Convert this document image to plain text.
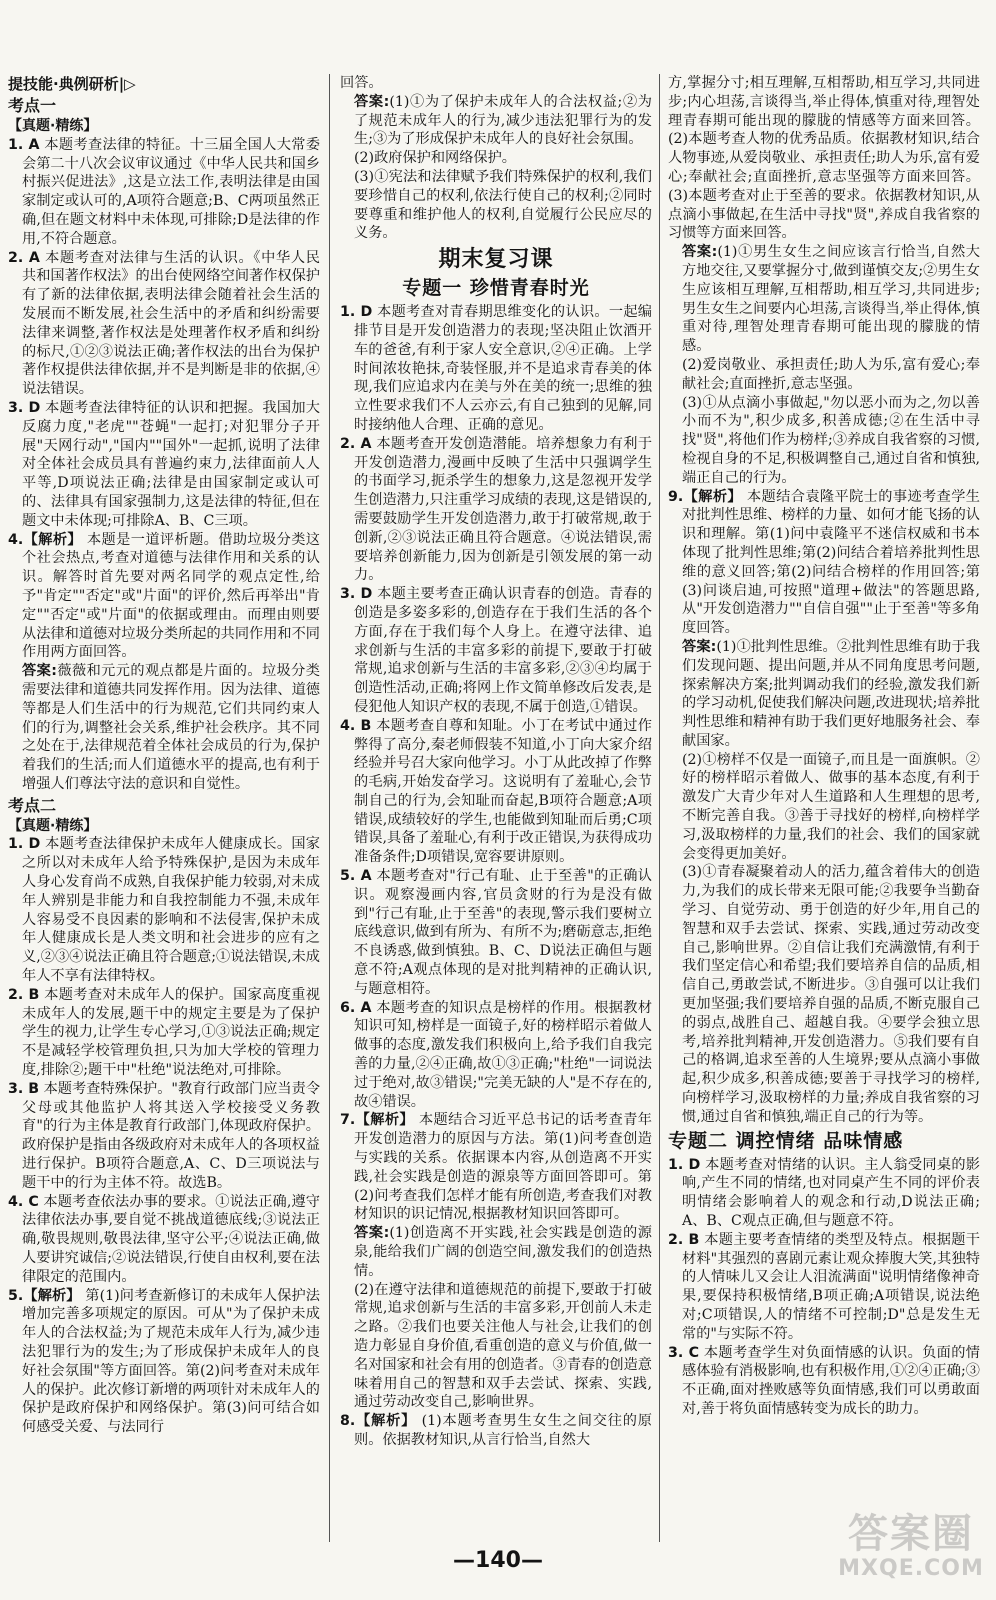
提技能·典例研析|▷

考点一

【真题·精练】

1. A 本题考查法律的特征。十三届全国人大常委会第二十八次会议审议通过《中华人民共和国乡村振兴促进法》,这是立法工作,表明法律是由国家制定或认可的,A项符合题意;B、C两项虽然正确,但在题文材料中未体现,可排除;D是法律的作用,不符合题意。

2. A 本题考查对法律与生活的认识。《中华人民共和国著作权法》的出台使网络空间著作权保护有了新的法律依据,表明法律会随着社会生活的发展而不断发展,社会生活中的矛盾和纠纷需要法律来调整,著作权法是处理著作权矛盾和纠纷的标尺,①②③说法正确;著作权法的出台为保护著作权提供法律依据,并不是判断是非的依据,④说法错误。

3. D 本题考查法律特征的认识和把握。我国加大反腐力度,"老虎""苍蝇"一起打;对犯罪分子开展"天网行动","国内""国外"一起抓,说明了法律对全体社会成员具有普遍约束力,法律面前人人平等,D项说法正确;法律是由国家制定或认可的、法律具有国家强制力,这是法律的特征,但在题文中未体现;可排除A、B、C三项。

4.【解析】 本题是一道评析题。借助垃圾分类这个社会热点,考查对道德与法律作用和关系的认识。解答时首先要对两名同学的观点定性,给予"肯定""否定"或"片面"的评价,然后再举出"肯定""否定"或"片面"的依据或理由。而理由则要从法律和道德对垃圾分类所起的共同作用和不同作用两方面回答。

答案:薇薇和元元的观点都是片面的。垃圾分类需要法律和道德共同发挥作用。因为法律、道德等都是人们生活中的行为规范,它们共同约束人们的行为,调整社会关系,维护社会秩序。其不同之处在于,法律规范着全体社会成员的行为,保护着我们的生活;而人们道德水平的提高,也有利于增强人们尊法守法的意识和自觉性。

考点二

【真题·精练】

1. D 本题考查法律保护未成年人健康成长。国家之所以对未成年人给予特殊保护,是因为未成年人身心发育尚不成熟,自我保护能力较弱,对未成年人辨别是非能力和自我控制能力不强,未成年人容易受不良因素的影响和不法侵害,保护未成年人健康成长是人类文明和社会进步的应有之义,②③④说法正确且符合题意;①说法错误,未成年人不享有法律特权。

2. B 本题考查对未成年人的保护。国家高度重视未成年人的发展,题干中的规定主要是为了保护学生的视力,让学生专心学习,①③说法正确;规定不是减轻学校管理负担,只为加大学校的管理力度,排除②;题干中"杜绝"说法绝对,可排除。

3. B 本题考查特殊保护。"教育行政部门应当责令父母或其他监护人将其送入学校接受义务教育"的行为主体是教育行政部门,体现政府保护。政府保护是指由各级政府对未成年人的各项权益进行保护。B项符合题意,A、C、D三项说法与题干中的行为主体不符。故选B。

4. C 本题考查依法办事的要求。①说法正确,遵守法律依法办事,要自觉不挑战道德底线;③说法正确,敬畏规则,敬畏法律,坚守公平;④说法正确,做人要讲究诚信;②说法错误,行使自由权利,要在法律限定的范围内。

5.【解析】 第(1)问考查新修订的未成年人保护法增加完善多项规定的原因。可从"为了保护未成年人的合法权益;为了规范未成年人行为,减少违法犯罪行为的发生;为了形成保护未成年人的良好社会氛围"等方面回答。第(2)问考查对未成年人的保护。此次修订新增的两项针对未成年人的保护是政府保护和网络保护。第(3)问可结合如何感受关爱、与法同行

回答。

答案:(1)①为了保护未成年人的合法权益;②为了规范未成年人的行为,减少违法犯罪行为的发生;③为了形成保护未成年人的良好社会氛围。

(2)政府保护和网络保护。

(3)①宪法和法律赋予我们特殊保护的权利,我们要珍惜自己的权利,依法行使自己的权利;②同时要尊重和维护他人的权利,自觉履行公民应尽的义务。

期末复习课

专题一 珍惜青春时光

1. D 本题考查对青春期思维变化的认识。一起编排节目是开发创造潜力的表现;坚决阻止饮酒开车的爸爸,有利于家人安全意识,②④正确。上学时间浓妆艳抹,奇装怪服,并不是追求青春美的体现,我们应追求内在美与外在美的统一;思维的独立性要求我们不人云亦云,有自己独到的见解,同时接纳他人合理、正确的意见。

2. A 本题考查开发创造潜能。培养想象力有利于开发创造潜力,漫画中反映了生活中只强调学生的书面学习,扼杀学生的想象力,这是忽视开发学生创造潜力,只注重学习成绩的表现,这是错误的,需要鼓励学生开发创造潜力,敢于打破常规,敢于创新,②③说法正确且符合题意。④说法错误,需要培养创新能力,因为创新是引领发展的第一动力。

3. D 本题主要考查正确认识青春的创造。青春的创造是多姿多彩的,创造存在于我们生活的各个方面,存在于我们每个人身上。在遵守法律、追求创新与生活的丰富多彩的前提下,要敢于打破常规,追求创新与生活的丰富多彩,②③④均属于创造性活动,正确;将网上作文简单修改后发表,是侵犯他人知识产权的表现,不属于创造,①错误。

4. B 本题考查自尊和知耻。小丁在考试中通过作弊得了高分,秦老师假装不知道,小丁向大家介绍经验并号召大家向他学习。小丁从此改掉了作弊的毛病,开始发奋学习。这说明有了羞耻心,会节制自己的行为,会知耻而奋起,B项符合题意;A项错误,成绩较好的学生,也能做到知耻而后勇;C项错误,具备了羞耻心,有利于改正错误,为获得成功准备条件;D项错误,宽容要讲原则。

5. A 本题考查对"行己有耻、止于至善"的正确认识。观察漫画内容,官员贪财的行为是没有做到"行己有耻,止于至善"的表现,警示我们要树立底线意识,做到有所为、有所不为;磨砺意志,拒绝不良诱惑,做到慎独。B、C、D说法正确但与题意不符;A观点体现的是对批判精神的正确认识,与题意相符。

6. A 本题考查的知识点是榜样的作用。根据教材知识可知,榜样是一面镜子,好的榜样昭示着做人做事的态度,激发我们积极向上,给予我们自我完善的力量,②④正确,故①③正确;"杜绝"一词说法过于绝对,故③错误;"完美无缺的人"是不存在的,故④错误。

7.【解析】 本题结合习近平总书记的话考查青年开发创造潜力的原因与方法。第(1)问考查创造与实践的关系。依据课本内容,从创造离不开实践,社会实践是创造的源泉等方面回答即可。第(2)问考查我们怎样才能有所创造,考查我们对教材知识的识记情况,根据教材知识回答即可。

答案:(1)创造离不开实践,社会实践是创造的源泉,能给我们广阔的创造空间,激发我们的创造热情。

(2)在遵守法律和道德规范的前提下,要敢于打破常规,追求创新与生活的丰富多彩,开创前人未走之路。②我们也要关注他人与社会,让我们的创造力彰显自身价值,看重创造的意义与价值,做一名对国家和社会有用的创造者。③青春的创造意味着用自己的智慧和双手去尝试、探索、实践,通过劳动改变自己,影响世界。

8.【解析】 (1)本题考查男生女生之间交往的原则。依据教材知识,从言行恰当,自然大

方,掌握分寸;相互理解,互相帮助,相互学习,共同进步;内心坦荡,言谈得当,举止得体,慎重对待,理智处理青春期可能出现的朦胧的情感等方面来回答。(2)本题考查人物的优秀品质。依据教材知识,结合人物事迹,从爱岗敬业、承担责任;助人为乐,富有爱心;奉献社会;直面挫折,意志坚强等方面来回答。(3)本题考查对止于至善的要求。依据教材知识,从点滴小事做起,在生活中寻找"贤",养成自我省察的习惯等方面来回答。

答案:(1)①男生女生之间应该言行恰当,自然大方地交往,又要掌握分寸,做到谨慎交友;②男生女生应该相互理解,互相帮助,相互学习,共同进步;男生女生之间要内心坦荡,言谈得当,举止得体,慎重对待,理智处理青春期可能出现的朦胧的情感。

(2)爱岗敬业、承担责任;助人为乐,富有爱心;奉献社会;直面挫折,意志坚强。

(3)①从点滴小事做起,"勿以恶小而为之,勿以善小而不为",积少成多,积善成德;②在生活中寻找"贤",将他们作为榜样;③养成自我省察的习惯,检视自身的不足,积极调整自己,通过自省和慎独,端正自己的行为。

9.【解析】 本题结合袁隆平院士的事迹考查学生对批判性思维、榜样的力量、如何才能飞扬的认识和理解。第(1)问中袁隆平不迷信权威和书本体现了批判性思维;第(2)问结合着培养批判性思维的意义回答;第(2)问结合榜样的作用回答;第(3)问谈启迪,可按照"道理+做法"的答题思路,从"开发创造潜力""自信自强""止于至善"等多角度回答。

答案:(1)①批判性思维。②批判性思维有助于我们发现问题、提出问题,并从不同角度思考问题,探索解决方案;批判调动我们的经验,激发我们新的学习动机,促使我们解决问题,改进现状;培养批判性思维和精神有助于我们更好地服务社会、奉献国家。

(2)①榜样不仅是一面镜子,而且是一面旗帜。②好的榜样昭示着做人、做事的基本态度,有利于激发广大青少年对人生道路和人生理想的思考,不断完善自我。③善于寻找好的榜样,向榜样学习,汲取榜样的力量,我们的社会、我们的国家就会变得更加美好。

(3)①青春凝聚着动人的活力,蕴含着伟大的创造力,为我们的成长带来无限可能;②我要争当勤奋学习、自觉劳动、勇于创造的好少年,用自己的智慧和双手去尝试、探索、实践,通过劳动改变自己,影响世界。②自信让我们充满激情,有利于我们坚定信心和希望;我们要培养自信的品质,相信自己,勇敢尝试,不断进步。③自强可以让我们更加坚强;我们要培养自强的品质,不断克服自己的弱点,战胜自己、超越自我。④要学会独立思考,培养批判精神,开发创造潜力。⑤我们要有自己的格调,追求至善的人生境界;要从点滴小事做起,积少成多,积善成德;要善于寻找学习的榜样,向榜样学习,汲取榜样的力量;养成自我省察的习惯,通过自省和慎独,端正自己的行为等。

专题二 调控情绪 品味情感

1. D 本题考查对情绪的认识。主人翁受同桌的影响,产生不同的情绪,也对同桌产生不同的评价表明情绪会影响着人的观念和行动,D说法正确;A、B、C观点正确,但与题意不符。

2. B 本题主要考查情绪的类型及特点。根据题干材料"其强烈的喜剧元素让观众捧腹大笑,其独特的人情味儿又会让人泪流满面"说明情绪像神奇果,要保持积极情绪,B项正确;A项错误,说法绝对;C项错误,人的情绪不可控制;D"总是发生无常的"与实际不符。

3. C 本题考查学生对负面情感的认识。负面的情感体验有消极影响,也有积极作用,①②④正确;③不正确,面对挫败感等负面情感,我们可以勇敢面对,善于将负面情感转变为成长的助力。

—140—
答案圈
MXQE.COM
